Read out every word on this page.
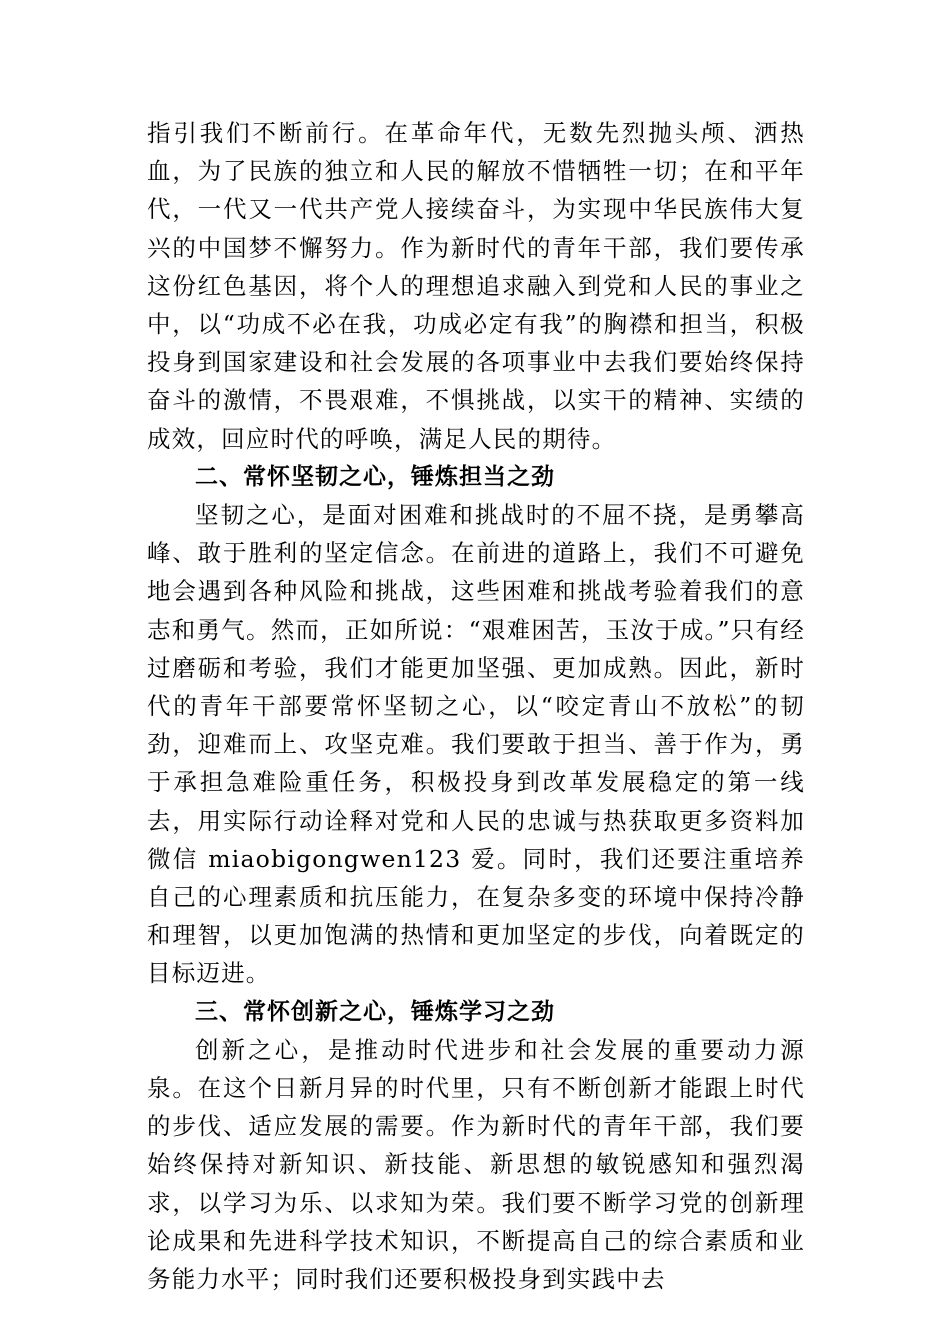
指引我们不断前行。在革命年代，无数先烈抛头颅、洒热血，为了民族的独立和人民的解放不惜牺牲一切；在和平年代，一代又一代共产党人接续奋斗，为实现中华民族伟大复兴的中国梦不懈努力。作为新时代的青年干部，我们要传承这份红色基因，将个人的理想追求融入到党和人民的事业之中，以“功成不必在我，功成必定有我”的胸襟和担当，积极投身到国家建设和社会发展的各项事业中去我们要始终保持奋斗的激情，不畏艰难，不惧挑战，以实干的精神、实绩的成效，回应时代的呼唤，满足人民的期待。

二、常怀坚韧之心，锤炼担当之劲

坚韧之心，是面对困难和挑战时的不屈不挠，是勇攀高峰、敢于胜利的坚定信念。在前进的道路上，我们不可避免地会遇到各种风险和挑战，这些困难和挑战考验着我们的意志和勇气。然而，正如所说：“艰难困苦，玉汝于成。”只有经过磨砺和考验，我们才能更加坚强、更加成熟。因此，新时代的青年干部要常怀坚韧之心，以“咬定青山不放松”的韧劲，迎难而上、攻坚克难。我们要敢于担当、善于作为，勇于承担急难险重任务，积极投身到改革发展稳定的第一线去，用实际行动诠释对党和人民的忠诚与热获取更多资料加微信 miaobigongwen123 爱。同时，我们还要注重培养自己的心理素质和抗压能力，在复杂多变的环境中保持冷静和理智，以更加饱满的热情和更加坚定的步伐，向着既定的目标迈进。

三、常怀创新之心，锤炼学习之劲

创新之心，是推动时代进步和社会发展的重要动力源泉。在这个日新月异的时代里，只有不断创新才能跟上时代的步伐、适应发展的需要。作为新时代的青年干部，我们要始终保持对新知识、新技能、新思想的敏锐感知和强烈渴求，以学习为乐、以求知为荣。我们要不断学习党的创新理论成果和先进科学技术知识，不断提高自己的综合素质和业务能力水平；同时我们还要积极投身到实践中去
